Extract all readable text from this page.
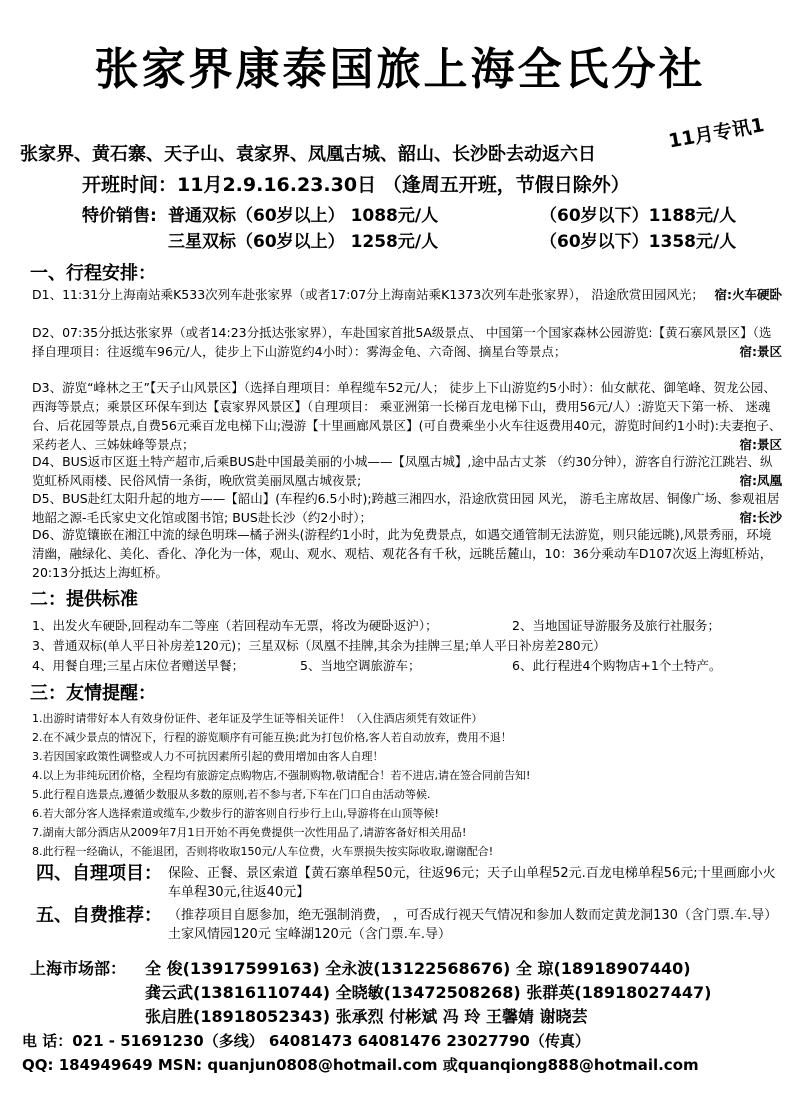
张家界康泰国旅上海全氏分社
11月专讯1
张家界、黄石寨、天子山、袁家界、凤凰古城、韶山、长沙卧去动返六日
开班时间：11月2.9.16.23.30日 （逢周五开班，节假日除外）
特价销售: 普通双标（60岁以上） 1088元/人	（60岁以下）1188元/人
三星双标（60岁以上） 1258元/人	（60岁以下）1358元/人
一、行程安排：
D1、11:31分上海南站乘K533次列车赴张家界（或者17:07分上海南站乘K1373次列车赴张家界）， 沿途欣赏田园风光； 宿:火车硬卧
D2、07:35分抵达张家界（或者14:23分抵达张家界），车赴国家首批5A级景点、 中国第一个国家森林公园游览:【黄石寨风景区】（选择自理项目：往返缆车96元/人，徒步上下山游览约4小时）：雾海金龟、六奇阁、摘星台等景点；	宿:景区
D3、游览“峰林之王”【天子山风景区】（选择自理项目：单程缆车52元/人； 徒步上下山游览约5小时）：仙女献花、御笔峰、贺龙公园、西海等景点；乘景区环保车到达【袁家界风景区】（自理项目： 乘亚洲第一长梯百龙电梯下山，费用56元/人）:游览天下第一桥、 迷魂台、后花园等景点,自费56元乘百龙电梯下山;漫游【十里画廊风景区】(可自费乘坐小火车往返费用40元，游览时间约1小时):夫妻抱子、采药老人、三姊妹峰等景点；	宿:景区
D4、BUS返市区逛土特产超市,后乘BUS赴中国最美丽的小城——【凤凰古城】,途中品古丈茶 （约30分钟），游客自行游沱江跳岩、纵览虹桥风雨楼、民俗风情一条街，晚欣赏美丽凤凰古城夜景;	宿:凤凰
D5、BUS赴红太阳升起的地方——【韶山】(车程约6.5小时);跨越三湘四水，沿途欣赏田园 风光， 游毛主席故居、铜像广场、参观祖居地韶之源-毛氏家史文化馆或图书馆; BUS赴长沙（约2小时）；	宿:长沙
D6、游览镶嵌在湘江中流的绿色明珠—橘子洲头(游程约1小时，此为免费景点，如遇交通管制无法游览，则只能远眺),风景秀丽，环境清幽，融绿化、美化、香化、净化为一体，观山、观水、观桔、观花各有千秋，远眺岳麓山，10：36分乘动车D107次返上海虹桥站，20:13分抵达上海虹桥。
二：提供标准
1、出发火车硬卧,回程动车二等座（若回程动车无票，将改为硬卧返沪）；	2、当地国证导游服务及旅行社服务；
3、普通双标(单人平日补房差120元)；三星双标（凤凰不挂牌,其余为挂牌三星;单人平日补房差280元）
4、用餐自理;三星占床位者赠送早餐；	5、当地空调旅游车；	6、此行程进4个购物店+1个土特产。
三：友情提醒：
1.出游时请带好本人有效身份证件、老年证及学生证等相关证件！（入住酒店须凭有效证件）
2.在不减少景点的情况下，行程的游览顺序有可能互换;此为打包价格,客人若自动放弃，费用不退！
3.若因国家政策性调整或人力不可抗因素所引起的费用增加由客人自理！
4.以上为非纯玩团价格，全程均有旅游定点购物店,不强制购物,敬请配合！若不进店,请在签合同前告知!
5.此行程自选景点,遵循少数服从多数的原则,若不参与者,下车在门口自由活动等候.
6.若大部分客人选择索道或缆车,少数步行的游客则自行步行上山,导游将在山顶等候!
7.湖南大部分酒店从2009年7月1日开始不再免费提供一次性用品了,请游客备好相关用品!
8.此行程一经确认，不能退团，否则将收取150元/人车位费，火车票损失按实际收取,谢谢配合!
四、自理项目： 保险、正餐、景区索道【黄石寨单程50元，往返96元；天子山单程52元.百龙电梯单程56元;十里画廊小火车单程30元,往返40元】
五、自费推荐： （推荐项目自愿参加，绝无强制消费， ，可否成行视天气情况和参加人数而定黄龙洞130（含门票.车.导） 土家风情园120元 宝峰湖120元（含门票.车.导）
上海市场部： 全 俊(13917599163) 全永波(13122568676) 全 琼(18918907440)
龚云武(13816110744) 全晓敏(13472508268) 张群英(18918027447)
张启胜(18918052343) 张承烈 付彬斌 冯 玲 王馨婧 谢晓芸
电 话：021 - 51691230（多线） 64081473 64081476 23027790（传真）
QQ: 184949649 MSN: quanjun0808@hotmail.com 或quanqiong888@hotmail.com
